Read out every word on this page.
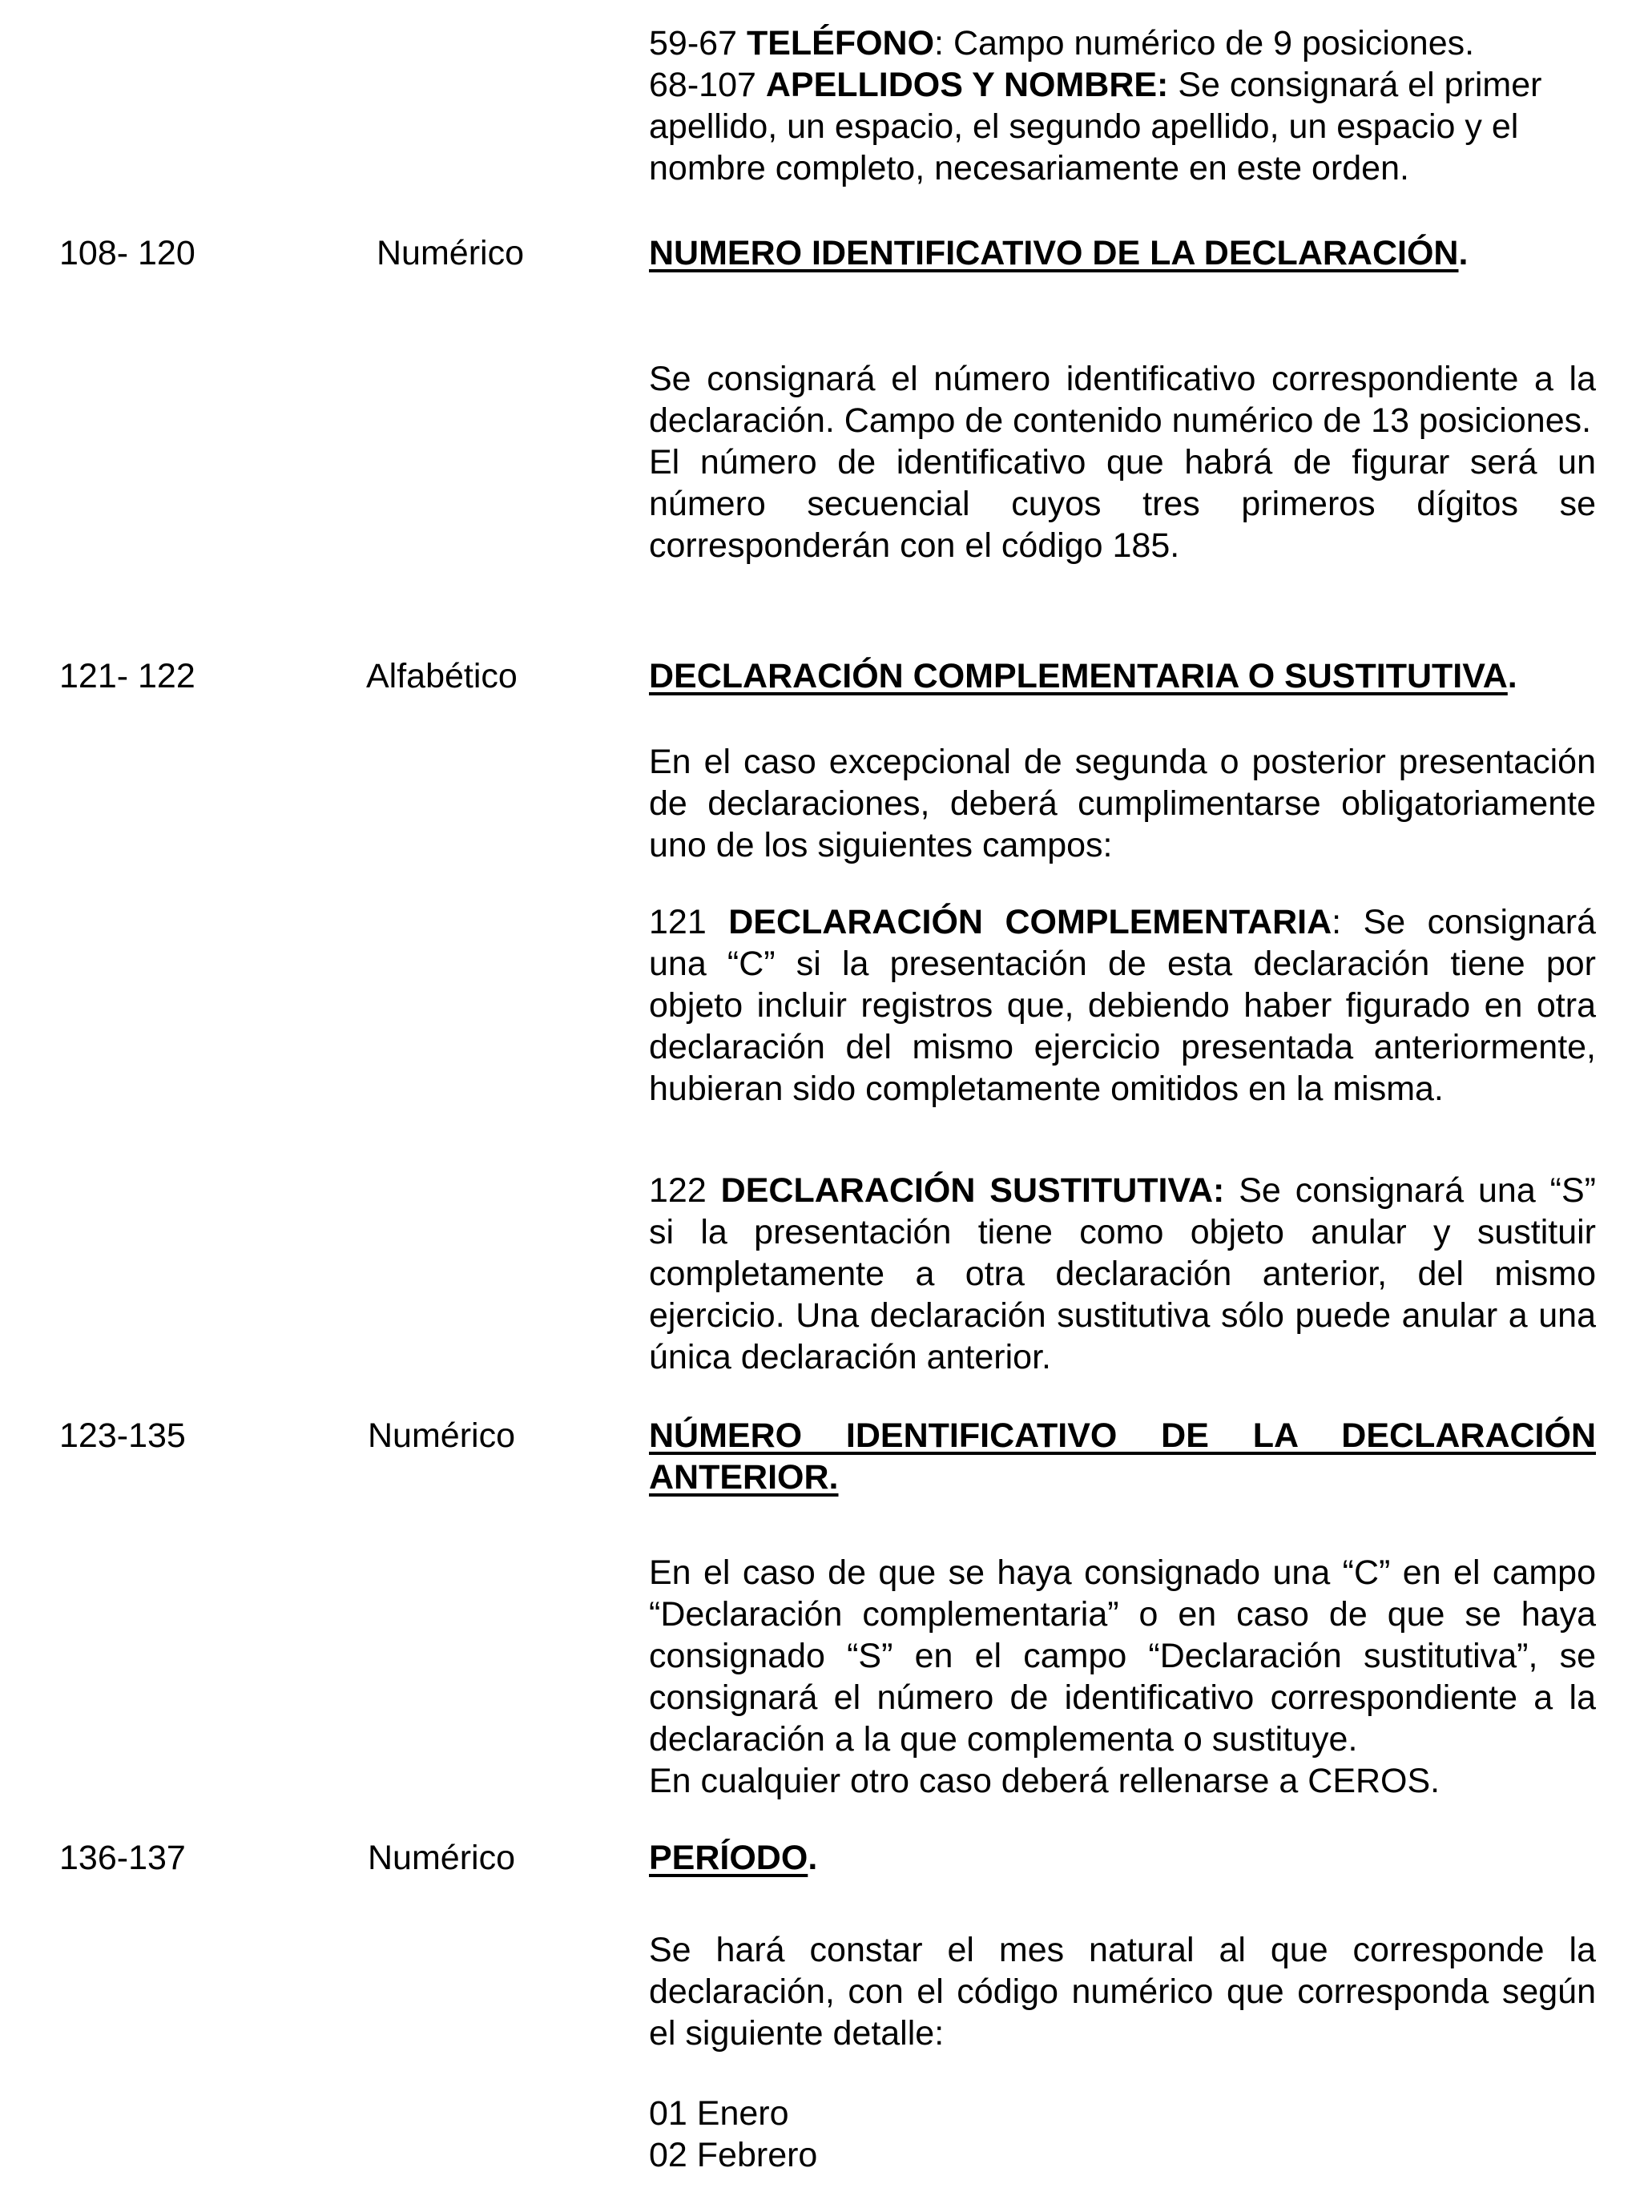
59-67 TELÉFONO: Campo numérico de 9 posiciones.

68-107 APELLIDOS Y NOMBRE: Se consignará el primer apellido, un espacio, el segundo apellido, un espacio y el nombre completo, necesariamente en este orden.

108- 120	Numérico	NUMERO IDENTIFICATIVO DE LA DECLARACIÓN.

Se consignará el número identificativo correspondiente a la declaración. Campo de contenido numérico de 13 posiciones.

El número de identificativo que habrá de figurar será un número secuencial cuyos tres primeros dígitos se corresponderán con el código 185.

121- 122	Alfabético	DECLARACIÓN COMPLEMENTARIA O SUSTITUTIVA.

En el caso excepcional de segunda o posterior presentación de declaraciones, deberá cumplimentarse obligatoriamente uno de los siguientes campos:

121 DECLARACIÓN COMPLEMENTARIA: Se consignará una “C” si la presentación de esta declaración tiene por objeto incluir registros que, debiendo haber figurado en otra declaración del mismo ejercicio presentada anteriormente, hubieran sido completamente omitidos en la misma.

122 DECLARACIÓN SUSTITUTIVA: Se consignará una “S” si la presentación tiene como objeto anular y sustituir completamente a otra declaración anterior, del mismo ejercicio. Una declaración sustitutiva sólo puede anular a una única declaración anterior.

123-135	Numérico	NÚMERO IDENTIFICATIVO DE LA DECLARACIÓN ANTERIOR.

En el caso de que se haya consignado una “C” en el campo “Declaración complementaria” o en caso de que se haya consignado “S” en el campo “Declaración sustitutiva”, se consignará el número de identificativo correspondiente a la declaración a la que complementa o sustituye.

En cualquier otro caso deberá rellenarse a CEROS.

136-137	Numérico	PERÍODO.

Se hará constar el mes natural al que corresponde la declaración, con el código numérico que corresponda según el siguiente detalle:

01 Enero

02 Febrero
